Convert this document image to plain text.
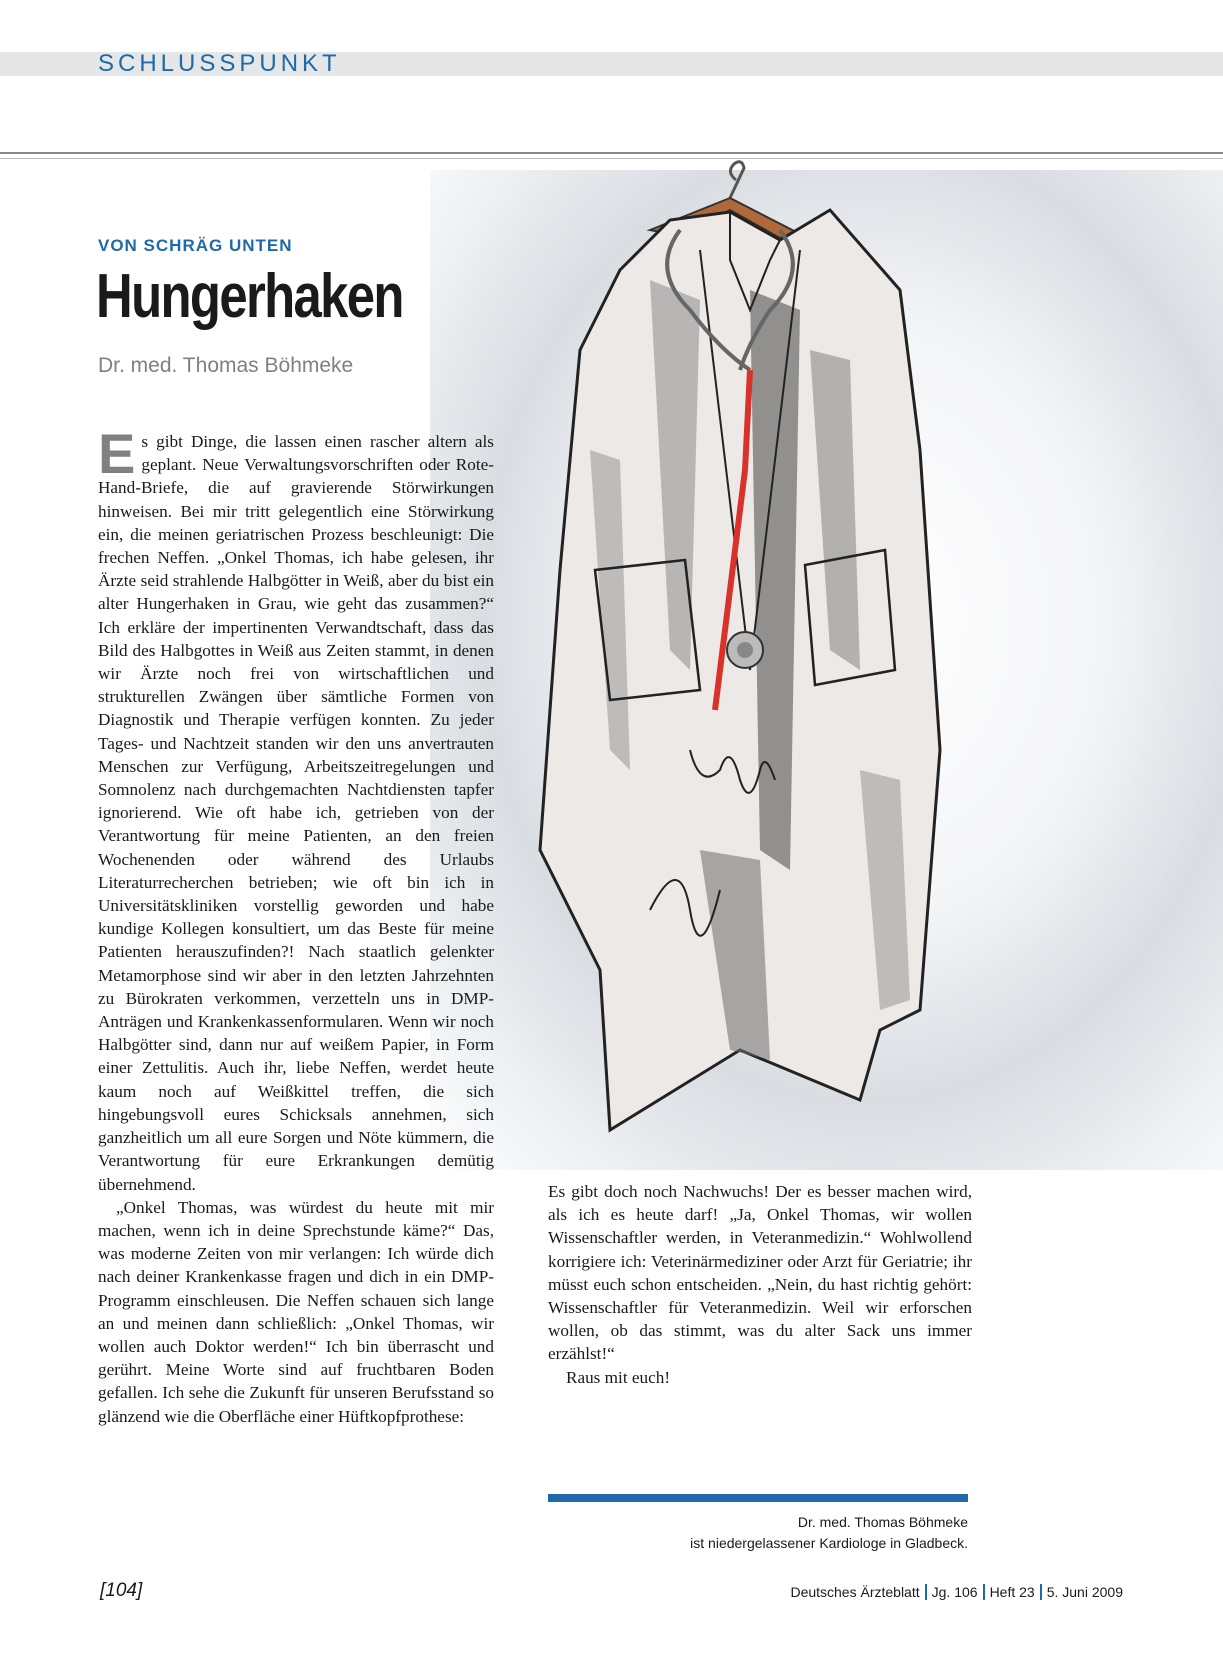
SCHLUSSPUNKT
VON SCHRÄG UNTEN
Hungerhaken
Dr. med. Thomas Böhmeke

Es gibt Dinge, die lassen einen rascher altern als geplant. Neue Verwaltungsvorschriften oder Rote-Hand-Briefe, die auf gravierende Störwirkungen hinweisen. Bei mir tritt gelegentlich eine Störwirkung ein, die meinen geriatrischen Prozess beschleunigt: Die frechen Neffen. „Onkel Thomas, ich habe gelesen, ihr Ärzte seid strahlende Halbgötter in Weiß, aber du bist ein alter Hungerhaken in Grau, wie geht das zusammen?“ Ich erkläre der impertinenten Verwandtschaft, dass das Bild des Halbgottes in Weiß aus Zeiten stammt, in denen wir Ärzte noch frei von wirtschaftlichen und strukturellen Zwängen über sämtliche Formen von Diagnostik und Therapie verfügen konnten. Zu jeder Tages- und Nachtzeit standen wir den uns anvertrauten Menschen zur Verfügung, Arbeitszeitregelungen und Somnolenz nach durchgemachten Nachtdiensten tapfer ignorierend. Wie oft habe ich, getrieben von der Verantwortung für meine Patienten, an den freien Wochenenden oder während des Urlaubs Literaturrecherchen betrieben; wie oft bin ich in Universitätskliniken vorstellig geworden und habe kundige Kollegen konsultiert, um das Beste für meine Patienten herauszufinden?! Nach staatlich gelenkter Metamorphose sind wir aber in den letzten Jahrzehnten zu Bürokraten verkommen, verzetteln uns in DMP-Anträgen und Krankenkassenformularen. Wenn wir noch Halbgötter sind, dann nur auf weißem Papier, in Form einer Zettulitis. Auch ihr, liebe Neffen, werdet heute kaum noch auf Weißkittel treffen, die sich hingebungsvoll eures Schicksals annehmen, sich ganzheitlich um all eure Sorgen und Nöte kümmern, die Verantwortung für eure Erkrankungen demütig übernehmend.

„Onkel Thomas, was würdest du heute mit mir machen, wenn ich in deine Sprechstunde käme?“ Das, was moderne Zeiten von mir verlangen: Ich würde dich nach deiner Krankenkasse fragen und dich in ein DMP-Programm einschleusen. Die Neffen schauen sich lange an und meinen dann schließlich: „Onkel Thomas, wir wollen auch Doktor werden!“ Ich bin überrascht und gerührt. Meine Worte sind auf fruchtbaren Boden gefallen. Ich sehe die Zukunft für unseren Berufsstand so glänzend wie die Oberfläche einer Hüftkopfprothese:

Es gibt doch noch Nachwuchs! Der es besser machen wird, als ich es heute darf! „Ja, Onkel Thomas, wir wollen Wissenschaftler werden, in Veteranmedizin.“ Wohlwollend korrigiere ich: Veterinärmediziner oder Arzt für Geriatrie; ihr müsst euch schon entscheiden. „Nein, du hast richtig gehört: Wissenschaftler für Veteranmedizin. Weil wir erforschen wollen, ob das stimmt, was du alter Sack uns immer erzählst!“

Raus mit euch!

Dr. med. Thomas Böhmeke
ist niedergelassener Kardiologe in Gladbeck.
[104]	Deutsches Ärzteblatt Jg. 106 Heft 23 5. Juni 2009
